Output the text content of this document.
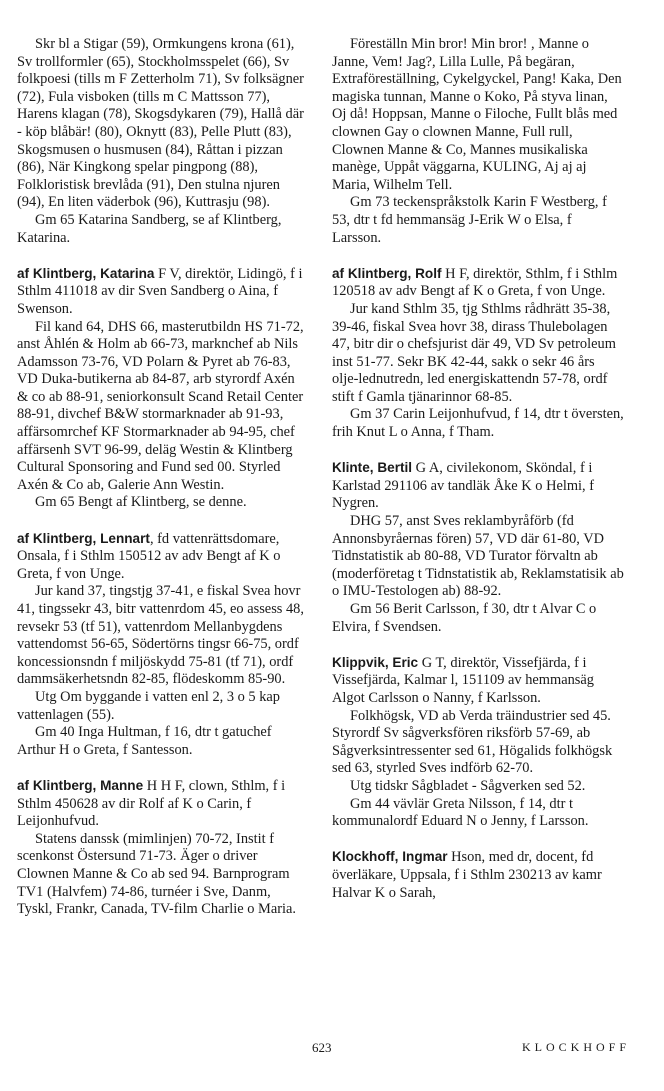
Skr bl a Stigar (59), Ormkungens krona (61), Sv trollformler (65), Stockholmsspelet (66), Sv folkpoesi (tills m F Zetterholm 71), Sv folksägner (72), Fula visboken (tills m C Mattsson 77), Harens klagan (78), Skogsdykaren (79), Hallå där - köp blåbär! (80), Oknytt (83), Pelle Plutt (83), Skogsmusen o husmusen (84), Råttan i pizzan (86), När Kingkong spelar pingpong (88), Folkloristisk brevlåda (91), Den stulna njuren (94), En liten väderbok (96), Kuttrasju (98).

Gm 65 Katarina Sandberg, se af Klintberg, Katarina.

af Klintberg, Katarina F V, direktör, Lidingö, f i Sthlm 411018 av dir Sven Sandberg o Aina, f Swenson.

Fil kand 64, DHS 66, masterutbildn HS 71-72, anst Åhlén & Holm ab 66-73, marknchef ab Nils Adamsson 73-76, VD Polarn & Pyret ab 76-83, VD Duka-butikerna ab 84-87, arb styrordf Axén & co ab 88-91, seniorkonsult Scand Retail Center 88-91, divchef B&W stormarknader ab 91-93, affärsomrchef KF Stormarknader ab 94-95, chef affärsenh SVT 96-99, deläg Westin & Klintberg Cultural Sponsoring and Fund sed 00. Styrled Axén & Co ab, Galerie Ann Westin.

Gm 65 Bengt af Klintberg, se denne.

af Klintberg, Lennart, fd vattenrättsdomare, Onsala, f i Sthlm 150512 av adv Bengt af K o Greta, f von Unge.

Jur kand 37, tingstjg 37-41, e fiskal Svea hovr 41, tingssekr 43, bitr vattenrdom 45, eo assess 48, revsekr 53 (tf 51), vattenrdom Mellanbygdens vattendomst 56-65, Södertörns tingsr 66-75, ordf koncessionsndn f miljöskydd 75-81 (tf 71), ordf dammsäkerhetsndn 82-85, flödeskomm 85-90.

Utg Om byggande i vatten enl 2, 3 o 5 kap vattenlagen (55).

Gm 40 Inga Hultman, f 16, dtr t gatuchef Arthur H o Greta, f Santesson.

af Klintberg, Manne H H F, clown, Sthlm, f i Sthlm 450628 av dir Rolf af K o Carin, f Leijonhufvud.

Statens danssk (mimlinjen) 70-72, Instit f scenkonst Östersund 71-73. Äger o driver Clownen Manne & Co ab sed 94. Barnprogram TV1 (Halvfem) 74-86, turnéer i Sve, Danm, Tyskl, Frankr, Canada, TV-film Charlie o Maria.

Föreställn Min bror! Min bror! , Manne o Janne, Vem! Jag?, Lilla Lulle, På begäran, Extraföreställning, Cykelgyckel, Pang! Kaka, Den magiska tunnan, Manne o Koko, På styva linan, Oj då! Hoppsan, Manne o Filoche, Fullt blås med clownen Gay o clownen Manne, Full rull, Clownen Manne & Co, Mannes musikaliska manège, Uppåt väggarna, KULING, Aj aj aj Maria, Wilhelm Tell.

Gm 73 teckenspråkstolk Karin F Westberg, f 53, dtr t fd hemmansäg J-Erik W o Elsa, f Larsson.

af Klintberg, Rolf H F, direktör, Sthlm, f i Sthlm 120518 av adv Bengt af K o Greta, f von Unge.

Jur kand Sthlm 35, tjg Sthlms rådhrätt 35-38, 39-46, fiskal Svea hovr 38, dirass Thulebolagen 47, bitr dir o chefsjurist där 49, VD Sv petroleum inst 51-77. Sekr BK 42-44, sakk o sekr 46 års olje-lednutredn, led energiskattendn 57-78, ordf stift f Gamla tjänarinnor 68-85.

Gm 37 Carin Leijonhufvud, f 14, dtr t översten, frih Knut L o Anna, f Tham.

Klinte, Bertil G A, civilekonom, Sköndal, f i Karlstad 291106 av tandläk Åke K o Helmi, f Nygren.

DHG 57, anst Sves reklambyråförb (fd Annonsbyråernas fören) 57, VD där 61-80, VD Tidnstatistik ab 80-88, VD Turator förvaltn ab (moderföretag t Tidnstatistik ab, Reklamstatisik ab o IMU-Testologen ab) 88-92.

Gm 56 Berit Carlsson, f 30, dtr t Alvar C o Elvira, f Svendsen.

Klippvik, Eric G T, direktör, Vissefjärda, f i Vissefjärda, Kalmar l, 151109 av hemmansäg Algot Carlsson o Nanny, f Karlsson.

Folkhögsk, VD ab Verda träindustrier sed 45. Styrordf Sv sågverksfören riksförb 57-69, ab Sågverksintressenter sed 61, Högalids folkhögsk sed 63, styrled Sves indförb 62-70.

Utg tidskr Sågbladet - Sågverken sed 52.

Gm 44 vävlär Greta Nilsson, f 14, dtr t kommunalordf Eduard N o Jenny, f Larsson.

Klockhoff, Ingmar Hson, med dr, docent, fd överläkare, Uppsala, f i Sthlm 230213 av kamr Halvar K o Sarah,

623	KLOCKHOFF
